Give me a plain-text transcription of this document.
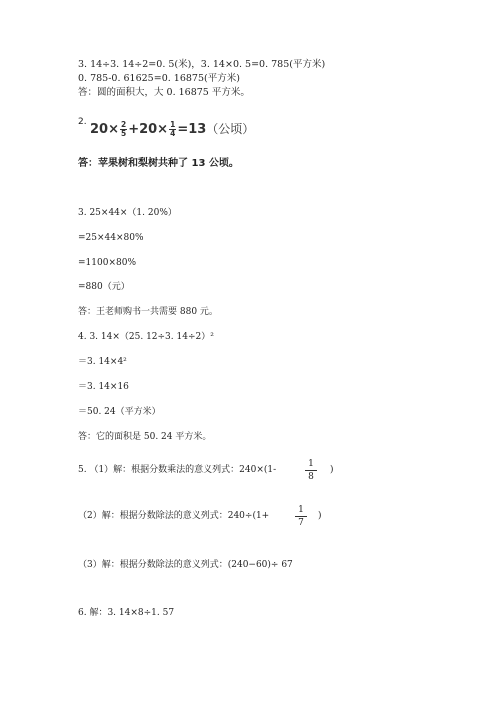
3. 14÷3. 14÷2=0. 5(米)，3. 14×0. 5=0. 785(平方米)
0. 785-0. 61625=0. 16875(平方米)
答：圆的面积大，大 0. 16875 平方米。
2. $20\times \frac{2}{5} +20\times \frac{1}{4} =13$（公顷）
答：苹果树和梨树共种了 13 公顷。
3. 25×44×（1. 20%）
=25×44×80%
=1100×80%
=880（元）
答：王老师购书一共需要 880 元。
4. 3. 14×（25. 12÷3. 14÷2）²
＝3. 14×4²
＝3. 14×16
＝50. 24（平方米）
答：它的面积是 50. 24 平方米。
5. （1）解：根据分数乘法的意义列式：240×(1-	$\frac{1}{8}$ )
（2）解：根据分数除法的意义列式：240÷(1+	$\frac{1}{7}$ )
（3）解：根据分数除法的意义列式：(240−60)÷ 67
6. 解：3. 14×8÷1. 57
